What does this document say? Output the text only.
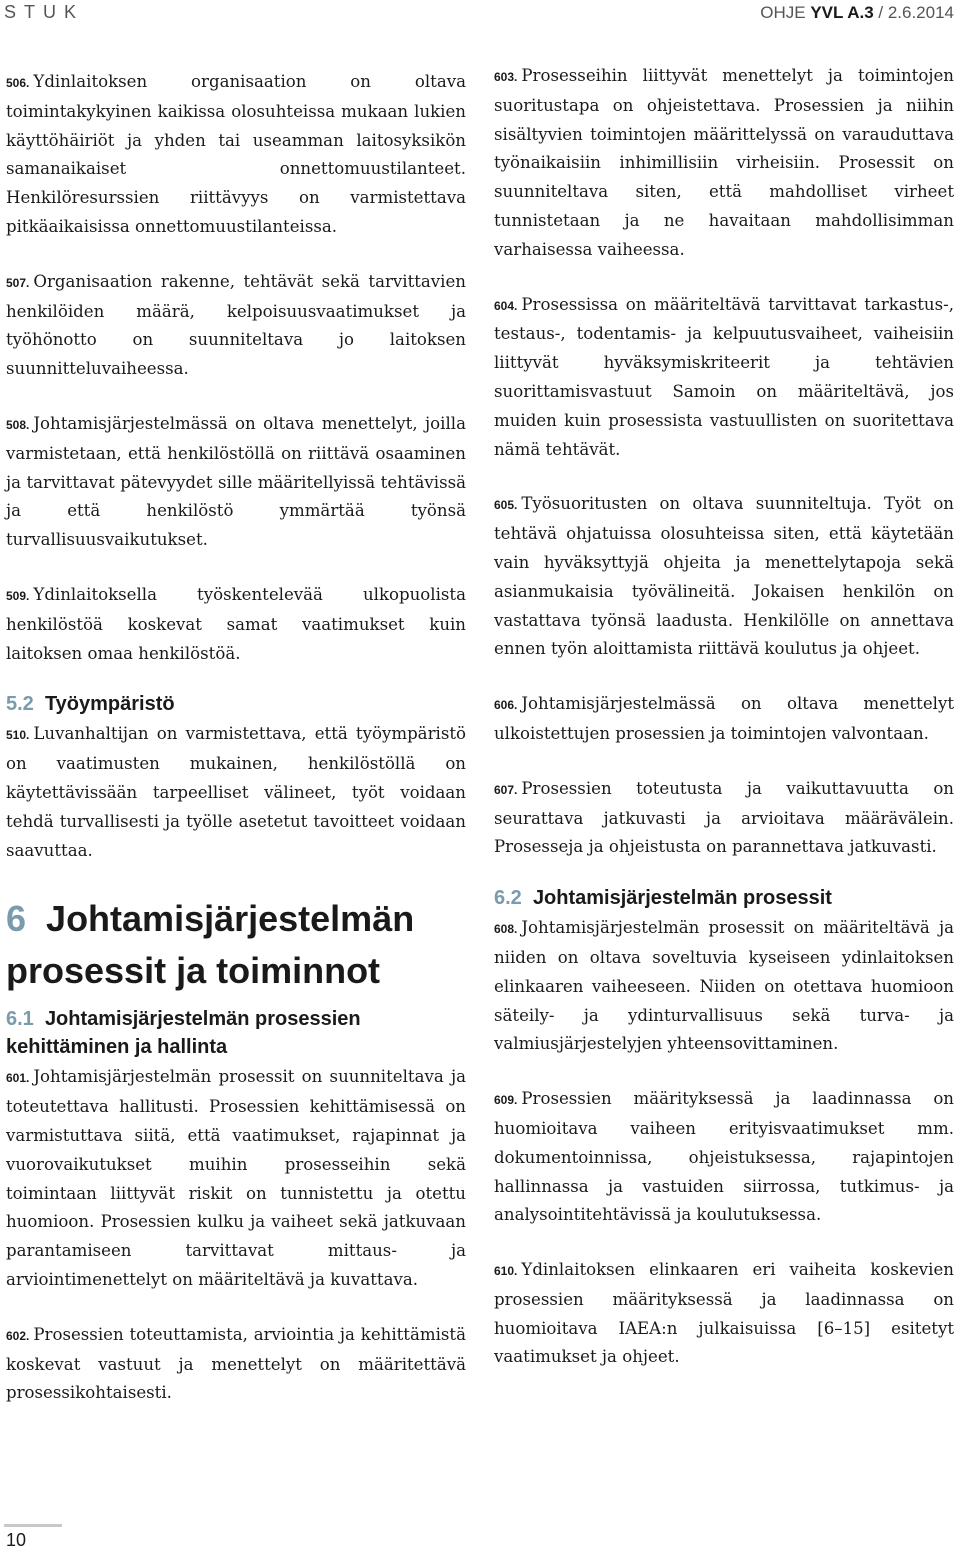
STUK	OHJE YVL A.3 / 2.6.2014

506. Ydinlaitoksen organisaation on oltava toimintakykyinen kaikissa olosuhteissa mukaan lukien käyttöhäiriöt ja yhden tai useamman laitosyksikön samanaikaiset onnettomuustilanteet. Henkilöresurssien riittävyys on varmistettava pitkäaikaisissa onnettomuustilanteissa.

507. Organisaation rakenne, tehtävät sekä tarvittavien henkilöiden määrä, kelpoisuusvaatimukset ja työhönotto on suunniteltava jo laitoksen suunnitteluvaiheessa.

508. Johtamisjärjestelmässä on oltava menettelyt, joilla varmistetaan, että henkilöstöllä on riittävä osaaminen ja tarvittavat pätevyydet sille määritellyissä tehtävissä ja että henkilöstö ymmärtää työnsä turvallisuusvaikutukset.

509. Ydinlaitoksella työskentelevää ulkopuolista henkilöstöä koskevat samat vaatimukset kuin laitoksen omaa henkilöstöä.

5.2 Työympäristö

510. Luvanhaltijan on varmistettava, että työympäristö on vaatimusten mukainen, henkilöstöllä on käytettävissään tarpeelliset välineet, työt voidaan tehdä turvallisesti ja työlle asetetut tavoitteet voidaan saavuttaa.

6 Johtamisjärjestelmän
prosessit ja toiminnot
6.1 Johtamisjärjestelmän prosessien
kehittäminen ja hallinta

601. Johtamisjärjestelmän prosessit on suunniteltava ja toteutettava hallitusti. Prosessien kehittämisessä on varmistuttava siitä, että vaatimukset, rajapinnat ja vuorovaikutukset muihin prosesseihin sekä toimintaan liittyvät riskit on tunnistettu ja otettu huomioon. Prosessien kulku ja vaiheet sekä jatkuvaan parantamiseen tarvittavat mittaus- ja arviointimenettelyt on määriteltävä ja kuvattava.

602. Prosessien toteuttamista, arviointia ja kehittämistä koskevat vastuut ja menettelyt on määritettävä prosessikohtaisesti.

603. Prosesseihin liittyvät menettelyt ja toimintojen suoritustapa on ohjeistettava. Prosessien ja niihin sisältyvien toimintojen määrittelyssä on varauduttava työnaikaisiin inhimillisiin virheisiin. Prosessit on suunniteltava siten, että mahdolliset virheet tunnistetaan ja ne havaitaan mahdollisimman varhaisessa vaiheessa.

604. Prosessissa on määriteltävä tarvittavat tarkastus-, testaus-, todentamis- ja kelpuutusvaiheet, vaiheisiin liittyvät hyväksymiskriteerit ja tehtävien suorittamisvastuut Samoin on määriteltävä, jos muiden kuin prosessista vastuullisten on suoritettava nämä tehtävät.

605. Työsuoritusten on oltava suunniteltuja. Työt on tehtävä ohjatuissa olosuhteissa siten, että käytetään vain hyväksyttyjä ohjeita ja menettelytapoja sekä asianmukaisia työvälineitä. Jokaisen henkilön on vastattava työnsä laadusta. Henkilölle on annettava ennen työn aloittamista riittävä koulutus ja ohjeet.

606. Johtamisjärjestelmässä on oltava menettelyt ulkoistettujen prosessien ja toimintojen valvontaan.

607. Prosessien toteutusta ja vaikuttavuutta on seurattava jatkuvasti ja arvioitava määrävälein. Prosesseja ja ohjeistusta on parannettava jatkuvasti.

6.2 Johtamisjärjestelmän prosessit

608. Johtamisjärjestelmän prosessit on määriteltävä ja niiden on oltava soveltuvia kyseiseen ydinlaitoksen elinkaaren vaiheeseen. Niiden on otettava huomioon säteily- ja ydinturvallisuus sekä turva- ja valmiusjärjestelyjen yhteensovittaminen.

609. Prosessien määrityksessä ja laadinnassa on huomioitava vaiheen erityisvaatimukset mm. dokumentoinnissa, ohjeistuksessa, rajapintojen hallinnassa ja vastuiden siirrossa, tutkimus- ja analysointitehtävissä ja koulutuksessa.

610. Ydinlaitoksen elinkaaren eri vaiheita koskevien prosessien määrityksessä ja laadinnassa on huomioitava IAEA:n julkaisuissa [6–15] esitetyt vaatimukset ja ohjeet.

10
